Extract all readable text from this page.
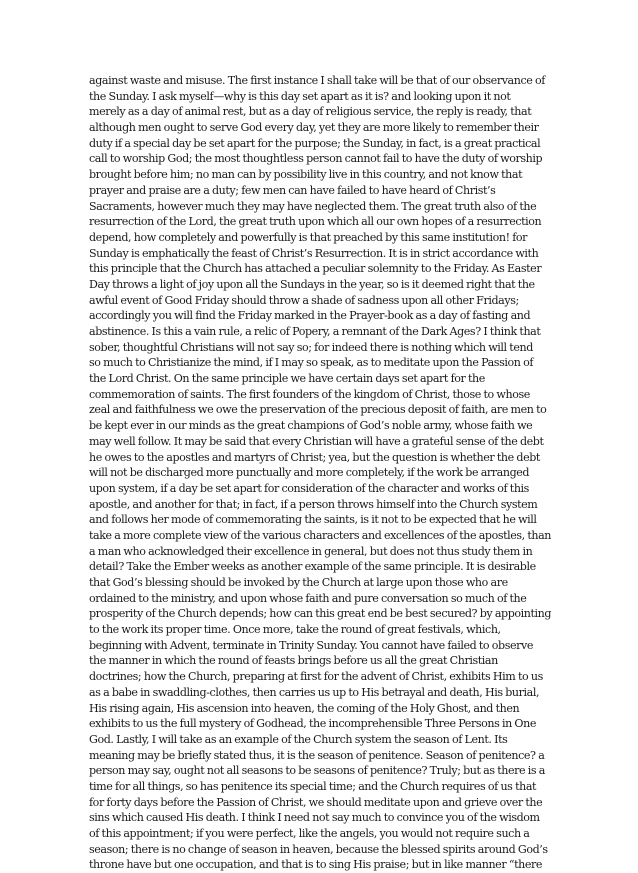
against waste and misuse. The first instance I shall take will be that of our observance of
the Sunday. I ask myself—why is this day set apart as it is? and looking upon it not
merely as a day of animal rest, but as a day of religious service, the reply is ready, that
although men ought to serve God every day, yet they are more likely to remember their
duty if a special day be set apart for the purpose; the Sunday, in fact, is a great practical
call to worship God; the most thoughtless person cannot fail to have the duty of worship
brought before him; no man can by possibility live in this country, and not know that
prayer and praise are a duty; few men can have failed to have heard of Christ’s
Sacraments, however much they may have neglected them. The great truth also of the
resurrection of the Lord, the great truth upon which all our own hopes of a resurrection
depend, how completely and powerfully is that preached by this same institution! for
Sunday is emphatically the feast of Christ’s Resurrection. It is in strict accordance with
this principle that the Church has attached a peculiar solemnity to the Friday. As Easter
Day throws a light of joy upon all the Sundays in the year, so is it deemed right that the
awful event of Good Friday should throw a shade of sadness upon all other Fridays;
accordingly you will find the Friday marked in the Prayer-book as a day of fasting and
abstinence. Is this a vain rule, a relic of Popery, a remnant of the Dark Ages? I think that
sober, thoughtful Christians will not say so; for indeed there is nothing which will tend
so much to Christianize the mind, if I may so speak, as to meditate upon the Passion of
the Lord Christ. On the same principle we have certain days set apart for the
commemoration of saints. The first founders of the kingdom of Christ, those to whose
zeal and faithfulness we owe the preservation of the precious deposit of faith, are men to
be kept ever in our minds as the great champions of God’s noble army, whose faith we
may well follow. It may be said that every Christian will have a grateful sense of the debt
he owes to the apostles and martyrs of Christ; yea, but the question is whether the debt
will not be discharged more punctually and more completely, if the work be arranged
upon system, if a day be set apart for consideration of the character and works of this
apostle, and another for that; in fact, if a person throws himself into the Church system
and follows her mode of commemorating the saints, is it not to be expected that he will
take a more complete view of the various characters and excellences of the apostles, than
a man who acknowledged their excellence in general, but does not thus study them in
detail? Take the Ember weeks as another example of the same principle. It is desirable
that God’s blessing should be invoked by the Church at large upon those who are
ordained to the ministry, and upon whose faith and pure conversation so much of the
prosperity of the Church depends; how can this great end be best secured? by appointing
to the work its proper time. Once more, take the round of great festivals, which,
beginning with Advent, terminate in Trinity Sunday. You cannot have failed to observe
the manner in which the round of feasts brings before us all the great Christian
doctrines; how the Church, preparing at first for the advent of Christ, exhibits Him to us
as a babe in swaddling-clothes, then carries us up to His betrayal and death, His burial,
His rising again, His ascension into heaven, the coming of the Holy Ghost, and then
exhibits to us the full mystery of Godhead, the incomprehensible Three Persons in One
God. Lastly, I will take as an example of the Church system the season of Lent. Its
meaning may be briefly stated thus, it is the season of penitence. Season of penitence? a
person may say, ought not all seasons to be seasons of penitence? Truly; but as there is a
time for all things, so has penitence its special time; and the Church requires of us that
for forty days before the Passion of Christ, we should meditate upon and grieve over the
sins which caused His death. I think I need not say much to convince you of the wisdom
of this appointment; if you were perfect, like the angels, you would not require such a
season; there is no change of season in heaven, because the blessed spirits around God’s
throne have but one occupation, and that is to sing His praise; but in like manner “there
